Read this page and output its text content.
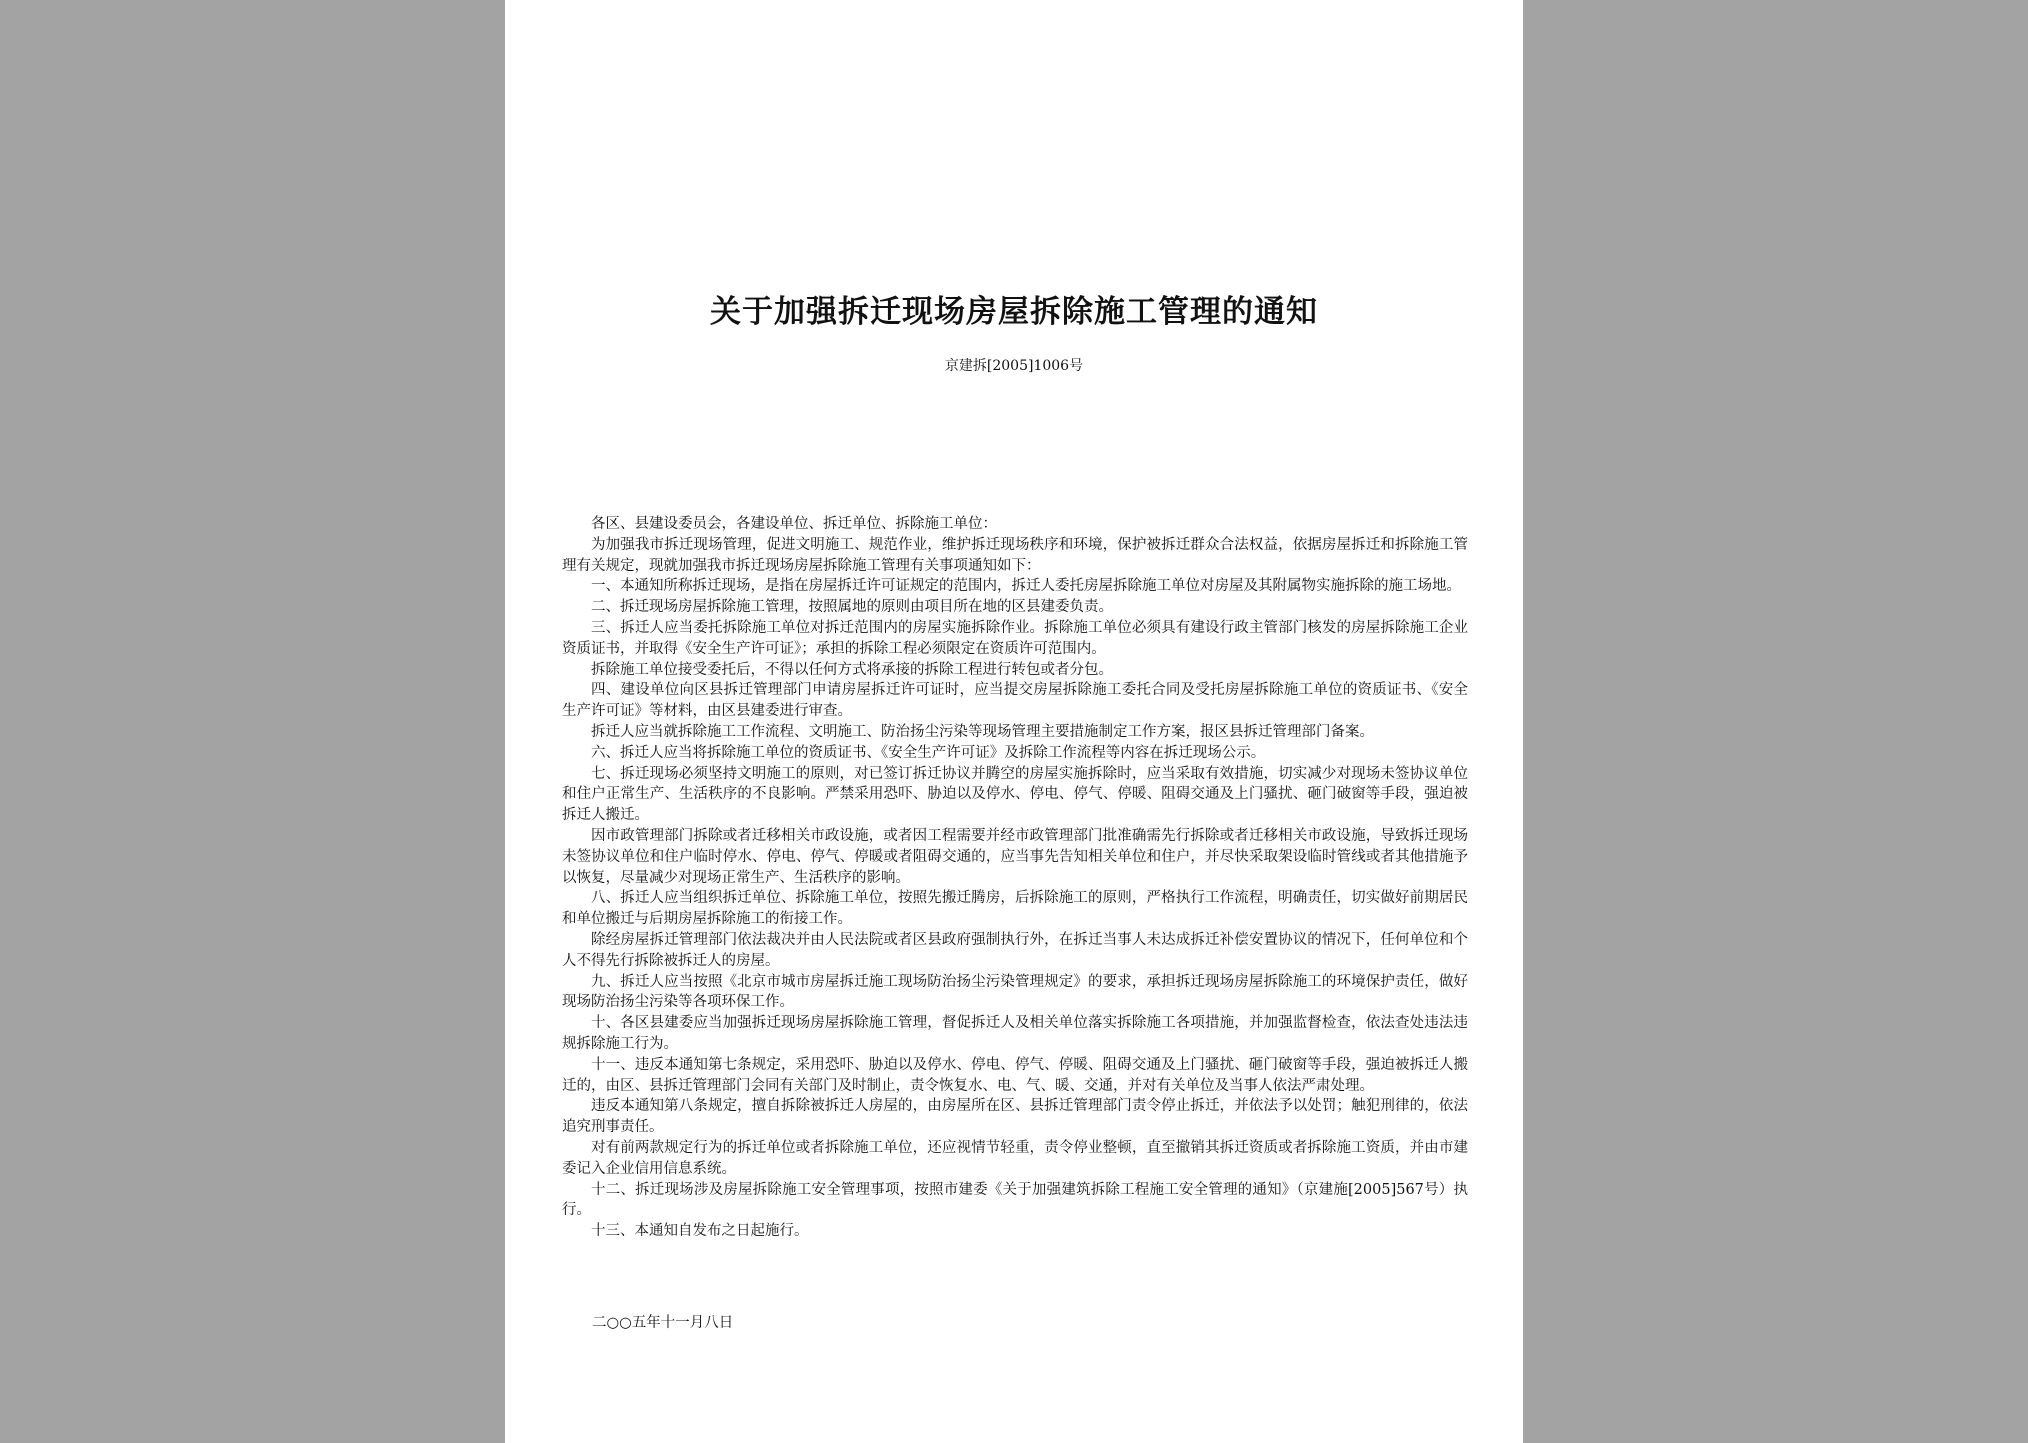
关于加强拆迁现场房屋拆除施工管理的通知
京建拆[2005]1006号

各区、县建设委员会，各建设单位、拆迁单位、拆除施工单位：

为加强我市拆迁现场管理，促进文明施工、规范作业，维护拆迁现场秩序和环境，保护被拆迁群众合法权益，依据房屋拆迁和拆除施工管理有关规定，现就加强我市拆迁现场房屋拆除施工管理有关事项通知如下：

一、本通知所称拆迁现场，是指在房屋拆迁许可证规定的范围内，拆迁人委托房屋拆除施工单位对房屋及其附属物实施拆除的施工场地。

二、拆迁现场房屋拆除施工管理，按照属地的原则由项目所在地的区县建委负责。

三、拆迁人应当委托拆除施工单位对拆迁范围内的房屋实施拆除作业。拆除施工单位必须具有建设行政主管部门核发的房屋拆除施工企业资质证书，并取得《安全生产许可证》；承担的拆除工程必须限定在资质许可范围内。

拆除施工单位接受委托后，不得以任何方式将承接的拆除工程进行转包或者分包。

四、建设单位向区县拆迁管理部门申请房屋拆迁许可证时，应当提交房屋拆除施工委托合同及受托房屋拆除施工单位的资质证书、《安全生产许可证》等材料，由区县建委进行审查。

拆迁人应当就拆除施工工作流程、文明施工、防治扬尘污染等现场管理主要措施制定工作方案，报区县拆迁管理部门备案。

六、拆迁人应当将拆除施工单位的资质证书、《安全生产许可证》及拆除工作流程等内容在拆迁现场公示。

七、拆迁现场必须坚持文明施工的原则，对已签订拆迁协议并腾空的房屋实施拆除时，应当采取有效措施，切实减少对现场未签协议单位和住户正常生产、生活秩序的不良影响。严禁采用恐吓、胁迫以及停水、停电、停气、停暖、阻碍交通及上门骚扰、砸门破窗等手段，强迫被拆迁人搬迁。

因市政管理部门拆除或者迁移相关市政设施，或者因工程需要并经市政管理部门批准确需先行拆除或者迁移相关市政设施，导致拆迁现场未签协议单位和住户临时停水、停电、停气、停暖或者阻碍交通的，应当事先告知相关单位和住户，并尽快采取架设临时管线或者其他措施予以恢复，尽量减少对现场正常生产、生活秩序的影响。

八、拆迁人应当组织拆迁单位、拆除施工单位，按照先搬迁腾房，后拆除施工的原则，严格执行工作流程，明确责任，切实做好前期居民和单位搬迁与后期房屋拆除施工的衔接工作。

除经房屋拆迁管理部门依法裁决并由人民法院或者区县政府强制执行外，在拆迁当事人未达成拆迁补偿安置协议的情况下，任何单位和个人不得先行拆除被拆迁人的房屋。

九、拆迁人应当按照《北京市城市房屋拆迁施工现场防治扬尘污染管理规定》的要求，承担拆迁现场房屋拆除施工的环境保护责任，做好现场防治扬尘污染等各项环保工作。

十、各区县建委应当加强拆迁现场房屋拆除施工管理，督促拆迁人及相关单位落实拆除施工各项措施，并加强监督检查，依法查处违法违规拆除施工行为。

十一、违反本通知第七条规定，采用恐吓、胁迫以及停水、停电、停气、停暖、阻碍交通及上门骚扰、砸门破窗等手段，强迫被拆迁人搬迁的，由区、县拆迁管理部门会同有关部门及时制止，责令恢复水、电、气、暖、交通，并对有关单位及当事人依法严肃处理。

违反本通知第八条规定，擅自拆除被拆迁人房屋的，由房屋所在区、县拆迁管理部门责令停止拆迁，并依法予以处罚；触犯刑律的，依法追究刑事责任。

对有前两款规定行为的拆迁单位或者拆除施工单位，还应视情节轻重，责令停业整顿，直至撤销其拆迁资质或者拆除施工资质，并由市建委记入企业信用信息系统。

十二、拆迁现场涉及房屋拆除施工安全管理事项，按照市建委《关于加强建筑拆除工程施工安全管理的通知》（京建施[2005]567号）执行。

十三、本通知自发布之日起施行。

二○○五年十一月八日
